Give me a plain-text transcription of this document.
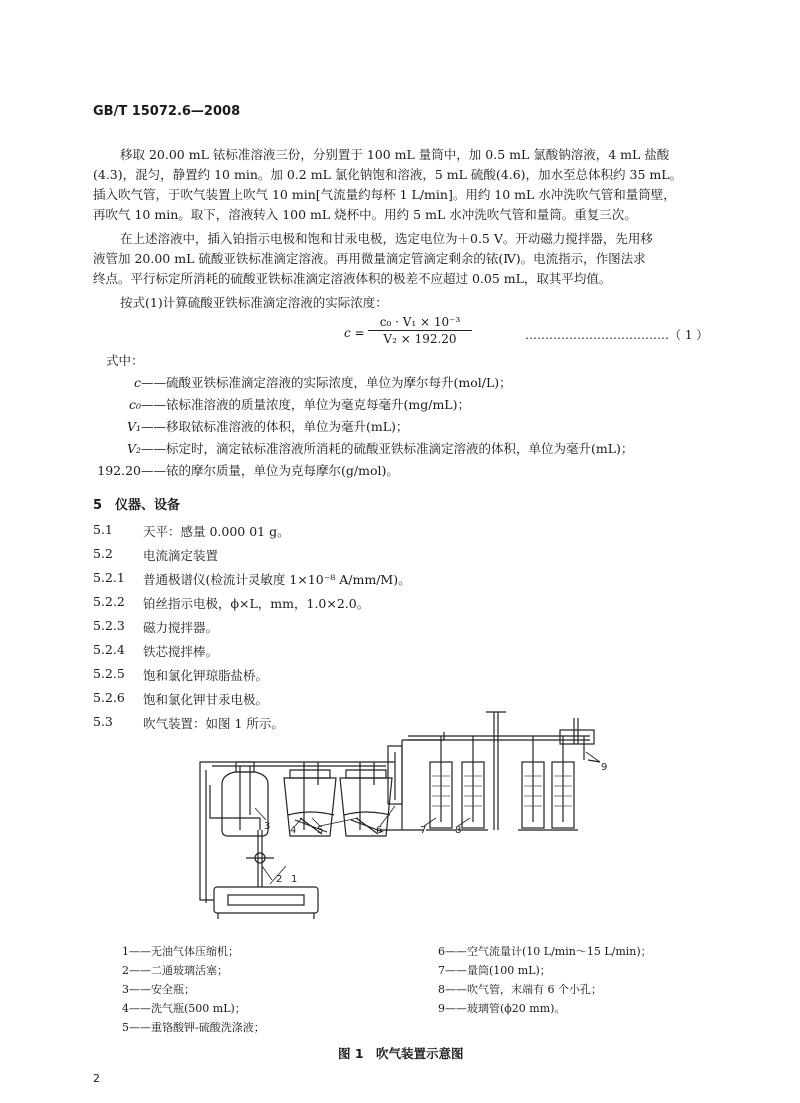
GB/T 15072.6—2008
移取 20.00 mL 铱标准溶液三份，分别置于 100 mL 量筒中，加 0.5 mL 氯酸钠溶液，4 mL 盐酸
(4.3)，混匀，静置约 10 min。加 0.2 mL 氯化钠饱和溶液，5 mL 硫酸(4.6)，加水至总体积约 35 mL。
插入吹气管，于吹气装置上吹气 10 min[气流量约每杯 1 L/min]。用约 10 mL 水冲洗吹气管和量筒壁，
再吹气 10 min。取下，溶液转入 100 mL 烧杯中。用约 5 mL 水冲洗吹气管和量筒。重复三次。
在上述溶液中，插入铂指示电极和饱和甘汞电极，选定电位为＋0.5 V。开动磁力搅拌器，先用移
液管加 20.00 mL 硫酸亚铁标准滴定溶液。再用微量滴定管滴定剩余的铱(Ⅳ)。电流指示，作图法求
终点。平行标定所消耗的硫酸亚铁标准滴定溶液体积的极差不应超过 0.05 mL，取其平均值。
按式(1)计算硫酸亚铁标准滴定溶液的实际浓度：
$c = \frac{\text{c₀ · V₁ × 10⁻³}}{\text{V₂ × 192.20}}$	………………………………（ 1 ）
式中：
c ——硫酸亚铁标准滴定溶液的实际浓度，单位为摩尔每升(mol/L)；
c₀ ——铱标准溶液的质量浓度，单位为毫克每毫升(mg/mL)；
V₁ ——移取铱标准溶液的体积，单位为毫升(mL)；
V₂ ——标定时，滴定铱标准溶液所消耗的硫酸亚铁标准滴定溶液的体积，单位为毫升(mL)；
192.20 ——铱的摩尔质量，单位为克每摩尔(g/mol)。
5　仪器、设备
5.1	天平：感量 0.000 01 g。
5.2	电流滴定装置
5.2.1	普通极谱仪(检流计灵敏度 1×10⁻⁸ A/mm/M)。
5.2.2	铂丝指示电极，ϕ×L，mm，1.0×2.0。
5.2.3	磁力搅拌器。
5.2.4	铁芯搅拌棒。
5.2.5	饱和氯化钾琼脂盐桥。
5.2.6	饱和氯化钾甘汞电极。
5.3	吹气装置：如图 1 所示。
1
2
3 4 5	6	7	8
9
1——无油气体压缩机；
2——二通玻璃活塞；
3——安全瓶；
4——洗气瓶(500 mL)；
5——重铬酸钾-硫酸洗涤液；
6——空气流量计(10 L/min～15 L/min)；
7——量筒(100 mL)；
8——吹气管，末端有 6 个小孔；
9——玻璃管(ϕ20 mm)。
图 1　吹气装置示意图
2
